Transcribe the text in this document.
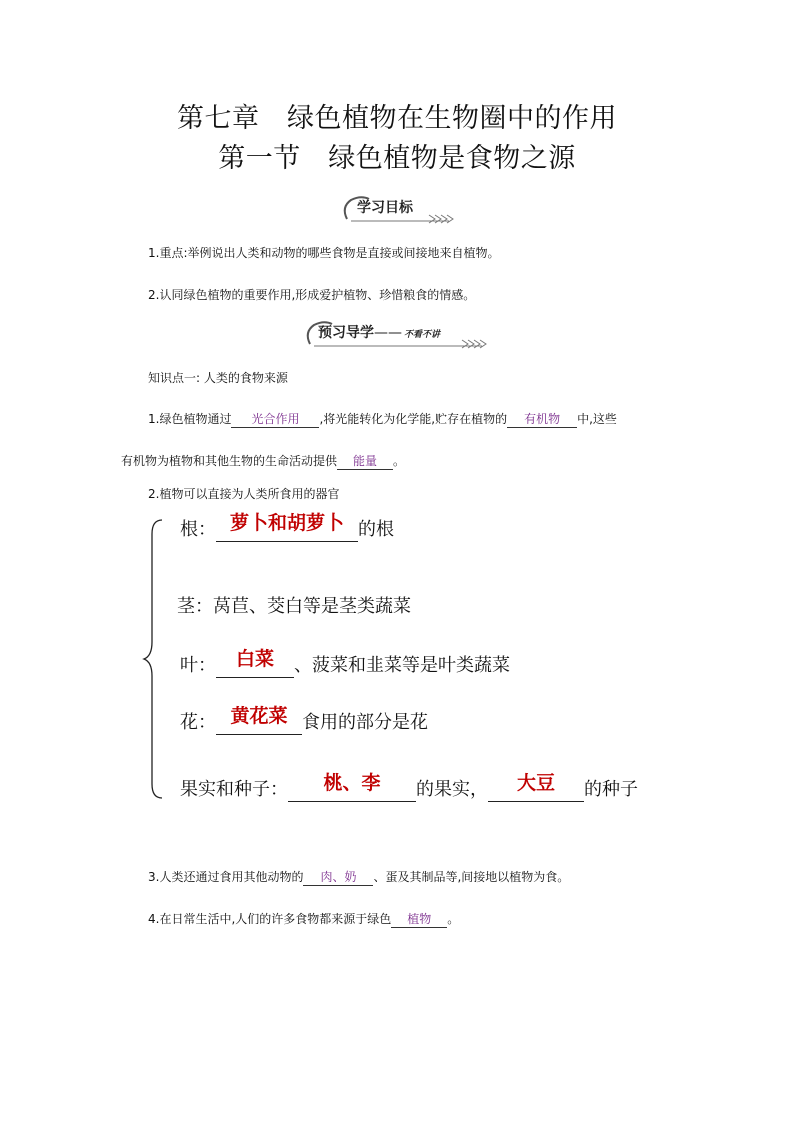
第七章　绿色植物在生物圈中的作用
第一节　绿色植物是食物之源
学习目标
1.重点:举例说出人类和动物的哪些食物是直接或间接地来自植物。
2.认同绿色植物的重要作用,形成爱护植物、珍惜粮食的情感。
预习导学—— 不看不讲
知识点一: 人类的食物来源
1.绿色植物通过 光合作用 ,将光能转化为化学能,贮存在植物的 有机物 中,这些
有机物为植物和其他生物的生命活动提供 能量 。
2.植物可以直接为人类所食用的器官
根： 萝卜和胡萝卜 的根
茎：莴苣、茭白等是茎类蔬菜
叶： 白菜 、菠菜和韭菜等是叶类蔬菜
花： 黄花菜 食用的部分是花
果实和种子： 桃、李 的果实， 大豆 的种子
3.人类还通过食用其他动物的 肉、奶 、蛋及其制品等,间接地以植物为食。
4.在日常生活中,人们的许多食物都来源于绿色 植物 。
